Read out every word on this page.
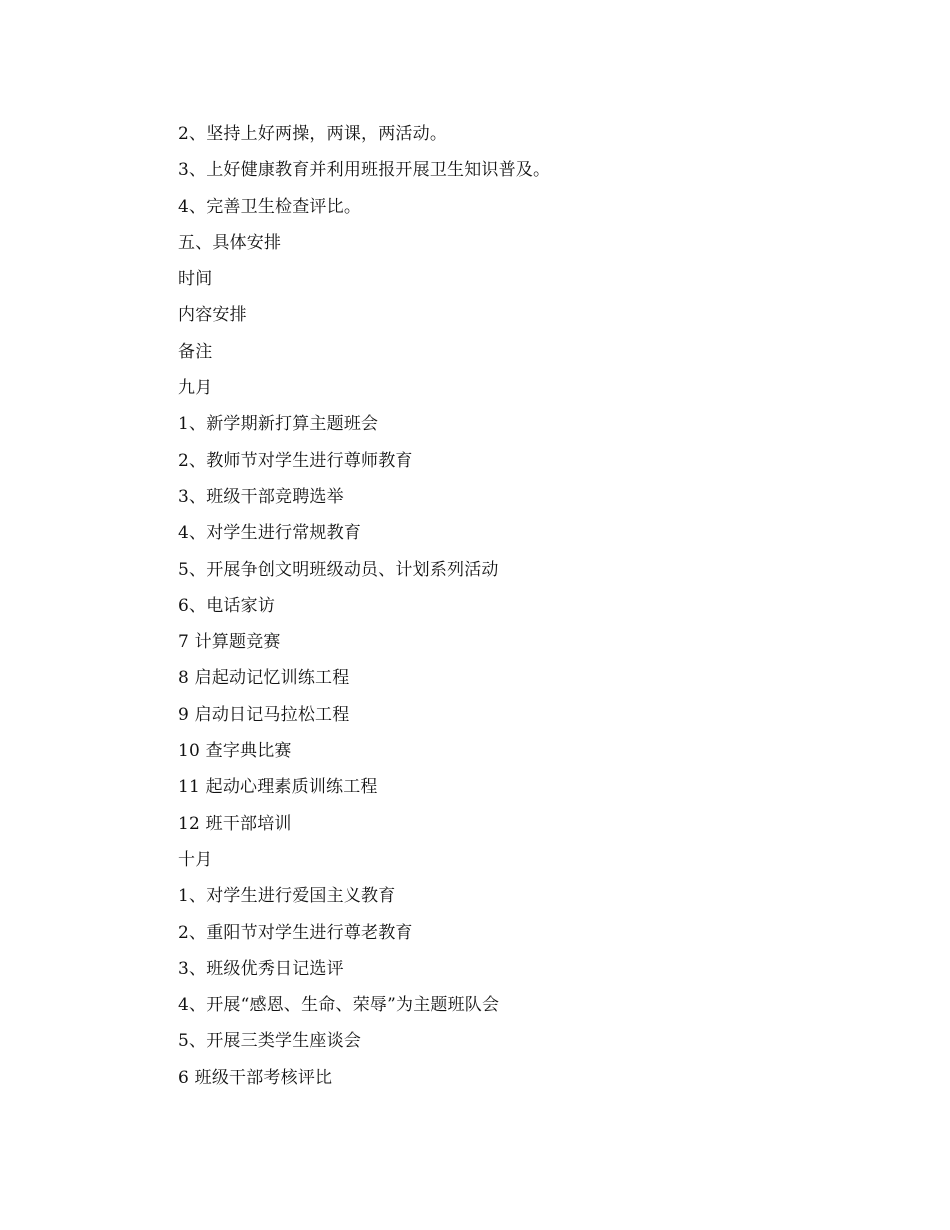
2、坚持上好两操，两课，两活动。
3、上好健康教育并利用班报开展卫生知识普及。
4、完善卫生检查评比。
五、具体安排
时间
内容安排
备注
九月
1、新学期新打算主题班会
2、教师节对学生进行尊师教育
3、班级干部竞聘选举
4、对学生进行常规教育
5、开展争创文明班级动员、计划系列活动
6、电话家访
7 计算题竞赛
8 启起动记忆训练工程
9 启动日记马拉松工程
10 查字典比赛
11 起动心理素质训练工程
12 班干部培训
十月
1、对学生进行爱国主义教育
2、重阳节对学生进行尊老教育
3、班级优秀日记选评
4、开展“感恩、生命、荣辱”为主题班队会
5、开展三类学生座谈会
6 班级干部考核评比
